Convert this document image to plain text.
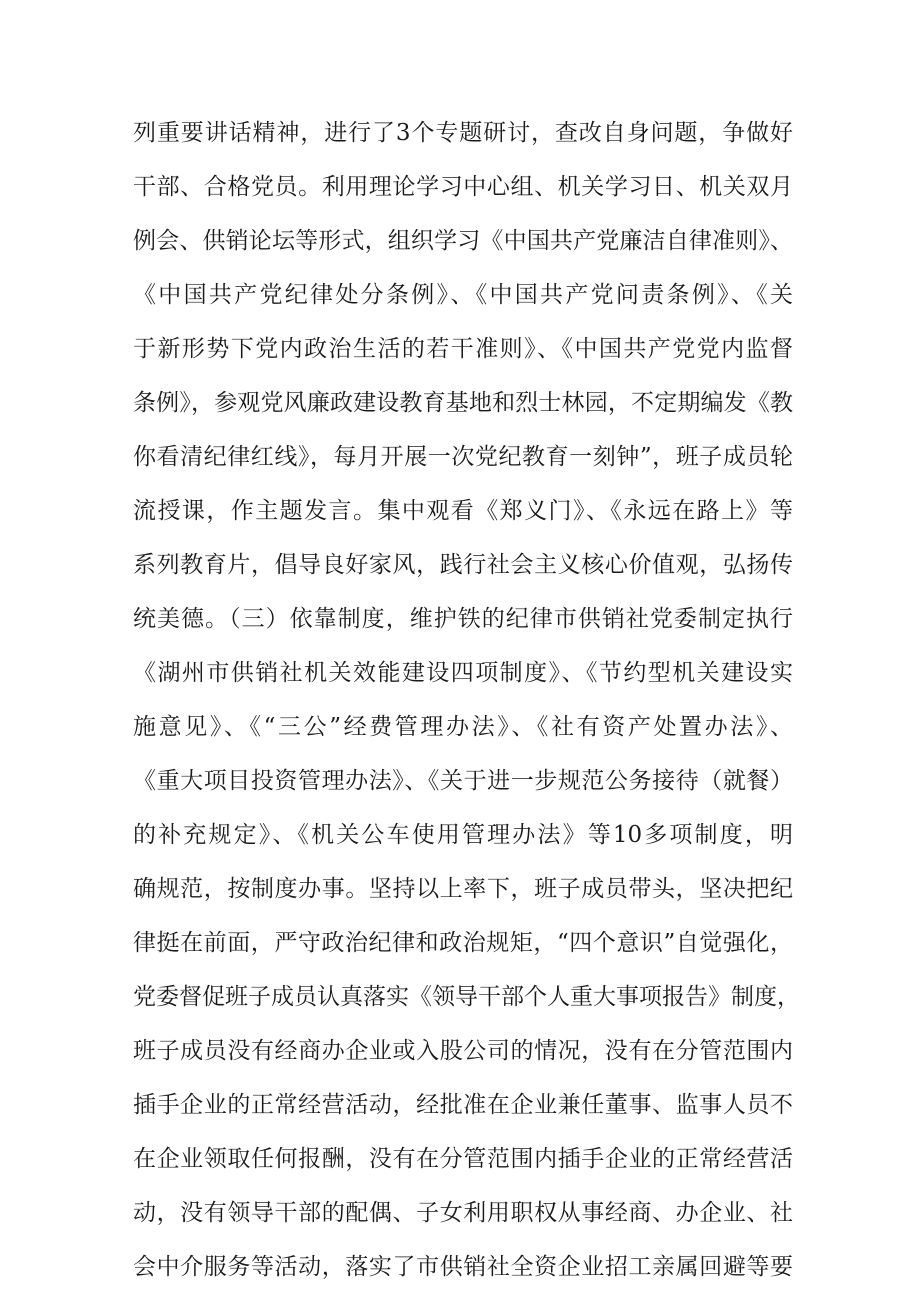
列重要讲话精神，进行了3个专题研讨，查改自身问题，争做好
干部、合格党员。利用理论学习中心组、机关学习日、机关双月
例会、供销论坛等形式，组织学习《中国共产党廉洁自律准则》、
《中国共产党纪律处分条例》、《中国共产党问责条例》、《关
于新形势下党内政治生活的若干准则》、《中国共产党党内监督
条例》，参观党风廉政建设教育基地和烈士林园，不定期编发《教
你看清纪律红线》，每月开展一次党纪教育一刻钟”，班子成员轮
流授课，作主题发言。集中观看《郑义门》、《永远在路上》等
系列教育片，倡导良好家风，践行社会主义核心价值观，弘扬传
统美德。（三）依靠制度，维护铁的纪律市供销社党委制定执行
《湖州市供销社机关效能建设四项制度》、《节约型机关建设实
施意见》、《“三公”经费管理办法》、《社有资产处置办法》、
《重大项目投资管理办法》、《关于进一步规范公务接待（就餐）
的补充规定》、《机关公车使用管理办法》等10多项制度，明
确规范，按制度办事。坚持以上率下，班子成员带头，坚决把纪
律挺在前面，严守政治纪律和政治规矩，“四个意识”自觉强化，
党委督促班子成员认真落实《领导干部个人重大事项报告》制度，
班子成员没有经商办企业或入股公司的情况，没有在分管范围内
插手企业的正常经营活动，经批准在企业兼任董事、监事人员不
在企业领取任何报酬，没有在分管范围内插手企业的正常经营活
动，没有领导干部的配偶、子女利用职权从事经商、办企业、社
会中介服务等活动，落实了市供销社全资企业招工亲属回避等要
